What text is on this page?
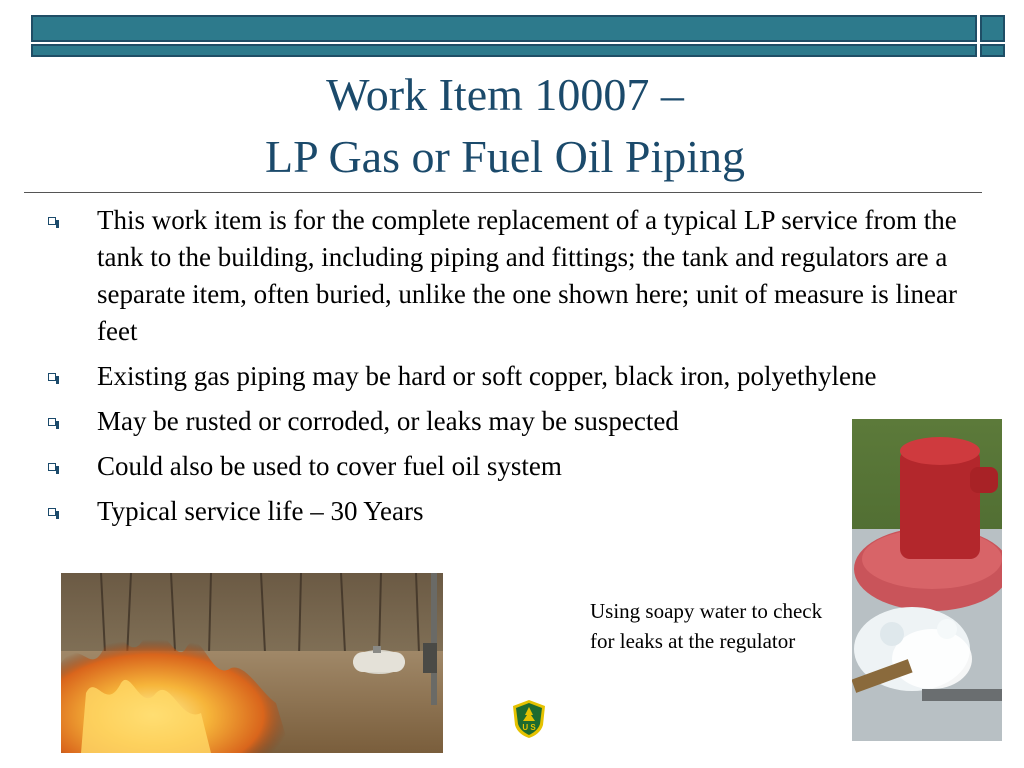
Work Item 10007 –
LP Gas or Fuel Oil Piping
This work item is for the complete replacement of a typical LP service from the tank to the building, including piping and fittings; the tank and regulators are a separate item, often buried, unlike the one shown here; unit of measure is linear feet
Existing gas piping may be hard or soft copper, black iron, polyethylene
May be rusted or corroded, or leaks may be suspected
Could also be used to cover fuel oil system
Typical service life – 30 Years
Using soapy water to check for leaks at the regulator
U S
